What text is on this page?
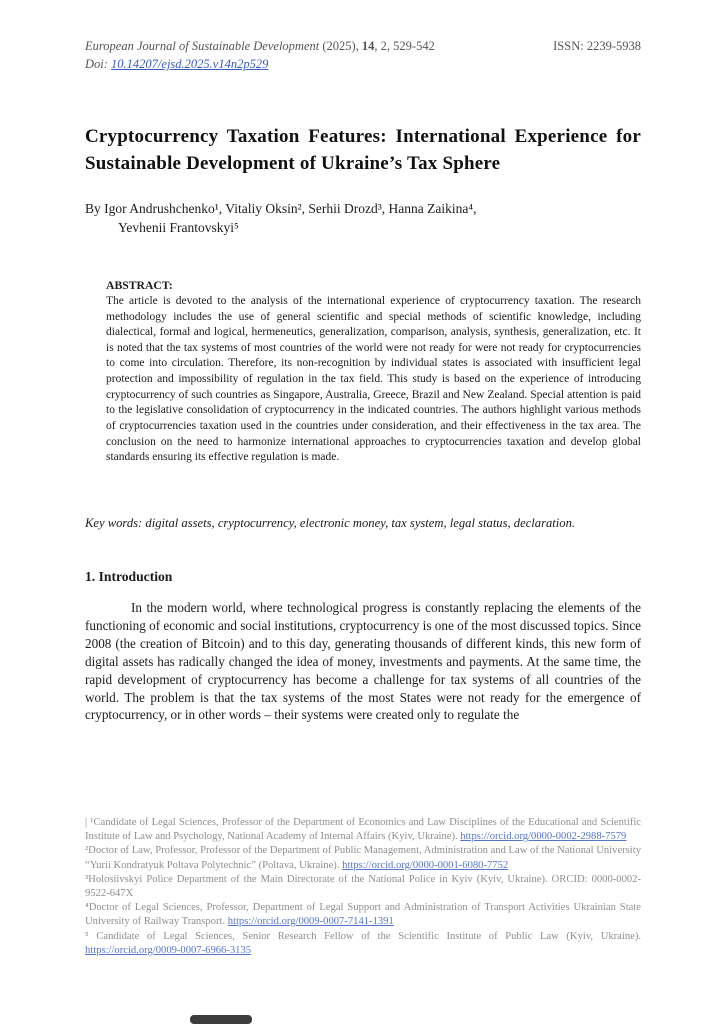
European Journal of Sustainable Development (2025), 14, 2, 529-542	ISSN: 2239-5938
Doi: 10.14207/ejsd.2025.v14n2p529
Cryptocurrency Taxation Features: International Experience for Sustainable Development of Ukraine’s Tax Sphere
By Igor Andrushchenko¹, Vitaliy Oksin², Serhii Drozd³, Hanna Zaikina⁴,
Yevhenii Frantovskyi⁵
ABSTRACT:
The article is devoted to the analysis of the international experience of cryptocurrency taxation. The research methodology includes the use of general scientific and special methods of scientific knowledge, including dialectical, formal and logical, hermeneutics, generalization, comparison, analysis, synthesis, generalization, etc. It is noted that the tax systems of most countries of the world were not ready for were not ready for cryptocurrencies to come into circulation. Therefore, its non-recognition by individual states is associated with insufficient legal protection and impossibility of regulation in the tax field. This study is based on the experience of introducing cryptocurrency of such countries as Singapore, Australia, Greece, Brazil and New Zealand. Special attention is paid to the legislative consolidation of cryptocurrency in the indicated countries. The authors highlight various methods of cryptocurrencies taxation used in the countries under consideration, and their effectiveness in the tax area. The conclusion on the need to harmonize international approaches to cryptocurrencies taxation and develop global standards ensuring its effective regulation is made.
Key words: digital assets, cryptocurrency, electronic money, tax system, legal status, declaration.
1. Introduction

In the modern world, where technological progress is constantly replacing the elements of the functioning of economic and social institutions, cryptocurrency is one of the most discussed topics. Since 2008 (the creation of Bitcoin) and to this day, generating thousands of different kinds, this new form of digital assets has radically changed the idea of money, investments and payments. At the same time, the rapid development of cryptocurrency has become a challenge for tax systems of all countries of the world. The problem is that the tax systems of the most States were not ready for the emergence of cryptocurrency, or in other words – their systems were created only to regulate the

| ¹Candidate of Legal Sciences, Professor of the Department of Economics and Law Disciplines of the Educational and Scientific Institute of Law and Psychology, National Academy of Internal Affairs (Kyiv, Ukraine). https://orcid.org/0000-0002-2988-7579

²Doctor of Law, Professor, Professor of the Department of Public Management, Administration and Law of the National University “Yurii Kondratyuk Poltava Polytechnic” (Poltava, Ukraine). https://orcid.org/0000-0001-6080-7752

³Holosiivskyi Police Department of the Main Directorate of the National Police in Kyiv (Kyiv, Ukraine). ORCID: 0000-0002-9522-647X

⁴Doctor of Legal Sciences, Professor, Department of Legal Support and Administration of Transport Activities Ukrainian State University of Railway Transport. https://orcid.org/0009-0007-7141-1391

⁵ Candidate of Legal Sciences, Senior Research Fellow of the Scientific Institute of Public Law (Kyiv, Ukraine). https://orcid.org/0009-0007-6966-3135
